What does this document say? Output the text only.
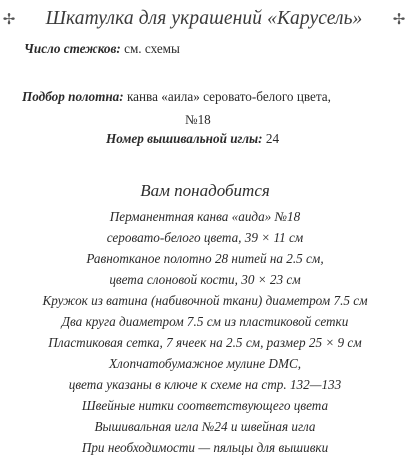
✢	Шкатулка для украшений «Карусель»	✢
Число стежков: см. схемы
Подбор полотна: канва «аила» серовато-белого цвета,
№18
Номер вышивальной иглы: 24
Вам понадобится
Перманентная канва «аида» №18
серовато-белого цвета, 39 × 11 см
Равнотканое полотно 28 нитей на 2.5 см,
цвета слоновой кости, 30 × 23 см
Кружок из ватина (набивочной ткани) диаметром 7.5 см
Два круга диаметром 7.5 см из пластиковой сетки
Пластиковая сетка, 7 ячеек на 2.5 см, размер 25 × 9 см
Хлопчатобумажное мулине DMC,
цвета указаны в ключе к схеме на стр. 132—133
Швейные нитки соответствующего цвета
Вышивальная игла №24 и швейная игла
При необходимости — пяльцы для вышивки
